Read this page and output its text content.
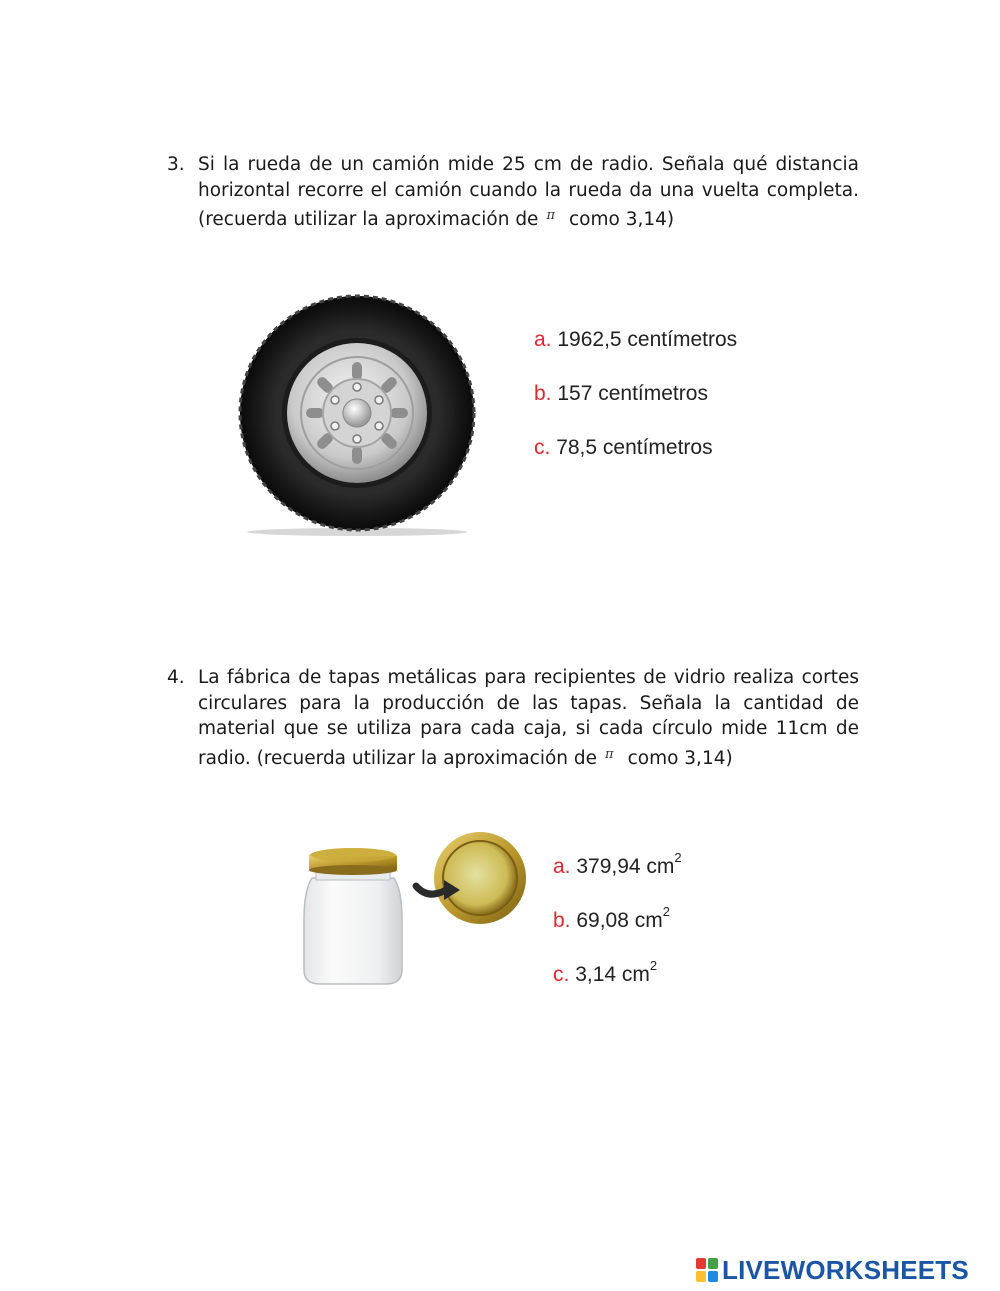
3. Si la rueda de un camión mide 25 cm de radio. Señala qué distancia horizontal recorre el camión cuando la rueda da una vuelta completa. (recuerda utilizar la aproximación de $^\pi$ como 3,14)

a. 1962,5 centímetros
b. 157 centímetros
c. 78,5 centímetros
4. La fábrica de tapas metálicas para recipientes de vidrio realiza cortes circulares para la producción de las tapas. Señala la cantidad de material que se utiliza para cada caja, si cada círculo mide 11cm de radio. (recuerda utilizar la aproximación de $^\pi$ como 3,14)

a. 379,94 $cm^2$
b. 69,08 $cm^2$
c. 3,14 $cm^2$
LIVEWORKSHEETS
